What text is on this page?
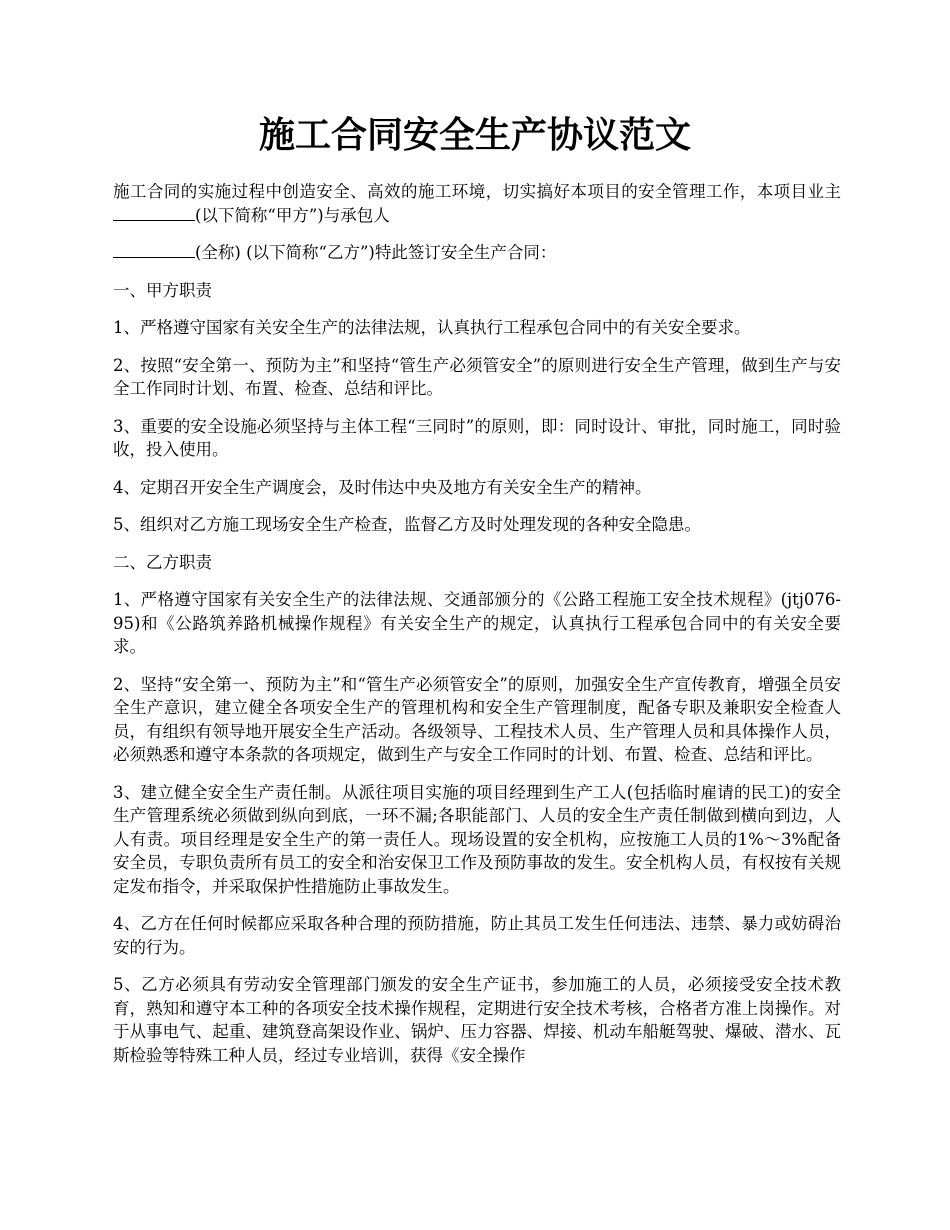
施工合同安全生产协议范文

施工合同的实施过程中创造安全、高效的施工环境，切实搞好本项目的安全管理工作，本项目业主(以下简称“甲方”)与承包人

(全称) (以下简称“乙方”)特此签订安全生产合同：

一、甲方职责

1、严格遵守国家有关安全生产的法律法规，认真执行工程承包合同中的有关安全要求。

2、按照“安全第一、预防为主”和坚持“管生产必须管安全”的原则进行安全生产管理，做到生产与安全工作同时计划、布置、检查、总结和评比。

3、重要的安全设施必须坚持与主体工程“三同时”的原则，即：同时设计、审批，同时施工，同时验收，投入使用。

4、定期召开安全生产调度会，及时伟达中央及地方有关安全生产的精神。

5、组织对乙方施工现场安全生产检查，监督乙方及时处理发现的各种安全隐患。

二、乙方职责

1、严格遵守国家有关安全生产的法律法规、交通部颁分的《公路工程施工安全技术规程》(jtj076-95)和《公路筑养路机械操作规程》有关安全生产的规定，认真执行工程承包合同中的有关安全要求。

2、坚持“安全第一、预防为主”和“管生产必须管安全”的原则，加强安全生产宣传教育，增强全员安全生产意识，建立健全各项安全生产的管理机构和安全生产管理制度，配备专职及兼职安全检查人员，有组织有领导地开展安全生产活动。各级领导、工程技术人员、生产管理人员和具体操作人员，必须熟悉和遵守本条款的各项规定，做到生产与安全工作同时的计划、布置、检查、总结和评比。

3、建立健全安全生产责任制。从派往项目实施的项目经理到生产工人(包括临时雇请的民工)的安全生产管理系统必须做到纵向到底，一环不漏;各职能部门、人员的安全生产责任制做到横向到边，人人有责。项目经理是安全生产的第一责任人。现场设置的安全机构，应按施工人员的1%～3%配备安全员，专职负责所有员工的安全和治安保卫工作及预防事故的发生。安全机构人员，有权按有关规定发布指令，并采取保护性措施防止事故发生。

4、乙方在任何时候都应采取各种合理的预防措施，防止其员工发生任何违法、违禁、暴力或妨碍治安的行为。

5、乙方必须具有劳动安全管理部门颁发的安全生产证书，参加施工的人员，必须接受安全技术教育，熟知和遵守本工种的各项安全技术操作规程，定期进行安全技术考核，合格者方准上岗操作。对于从事电气、起重、建筑登高架设作业、锅炉、压力容器、焊接、机动车船艇驾驶、爆破、潜水、瓦斯检验等特殊工种人员，经过专业培训，获得《安全操作
